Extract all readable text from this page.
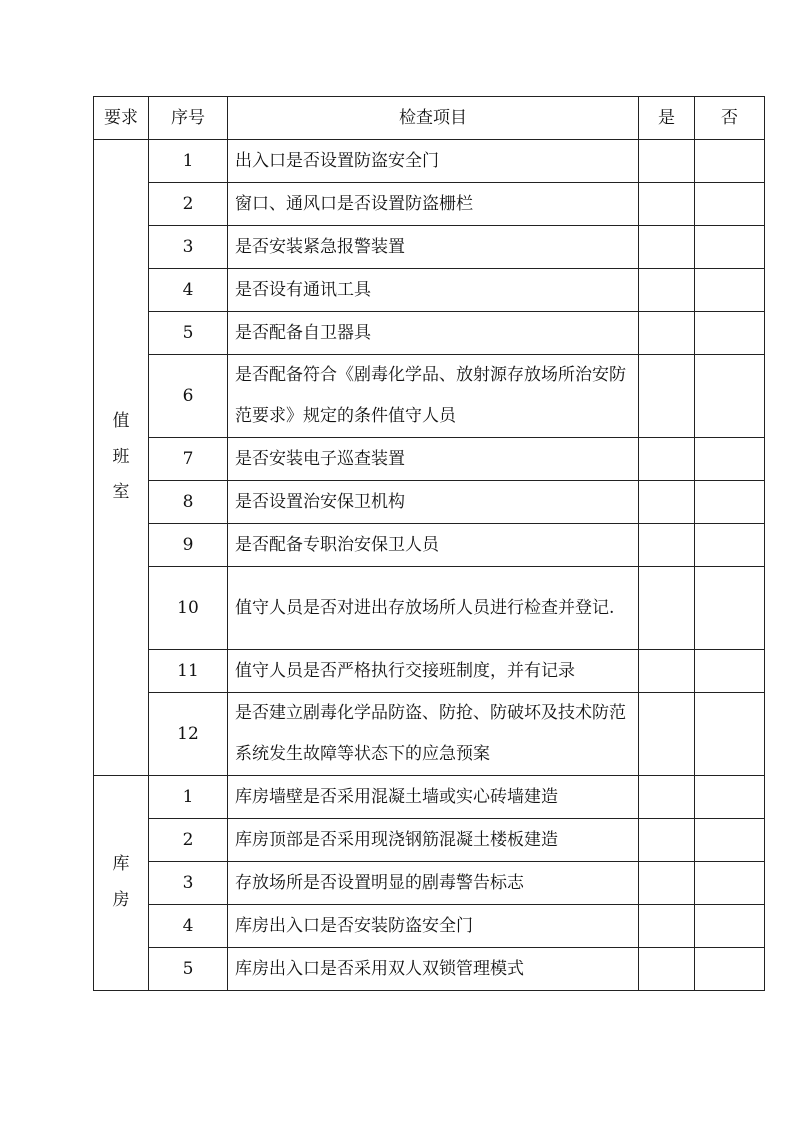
要求	序号	检查项目	是	否
值班室	1	出入口是否设置防盗安全门		
	2	窗口、通风口是否设置防盗栅栏		
	3	是否安装紧急报警装置		
	4	是否设有通讯工具		
	5	是否配备自卫器具		
	6	是否配备符合《剧毒化学品、放射源存放场所治安防范要求》规定的条件值守人员		
	7	是否安装电子巡查装置		
	8	是否设置治安保卫机构		
	9	是否配备专职治安保卫人员		
	10	值守人员是否对进出存放场所人员进行检查并登记.		
	11	值守人员是否严格执行交接班制度，并有记录		
	12	是否建立剧毒化学品防盗、防抢、防破坏及技术防范系统发生故障等状态下的应急预案		
库房	1	库房墙壁是否采用混凝土墙或实心砖墙建造		
	2	库房顶部是否采用现浇钢筋混凝土楼板建造		
	3	存放场所是否设置明显的剧毒警告标志		
	4	库房出入口是否安装防盗安全门		
	5	库房出入口是否采用双人双锁管理模式		
